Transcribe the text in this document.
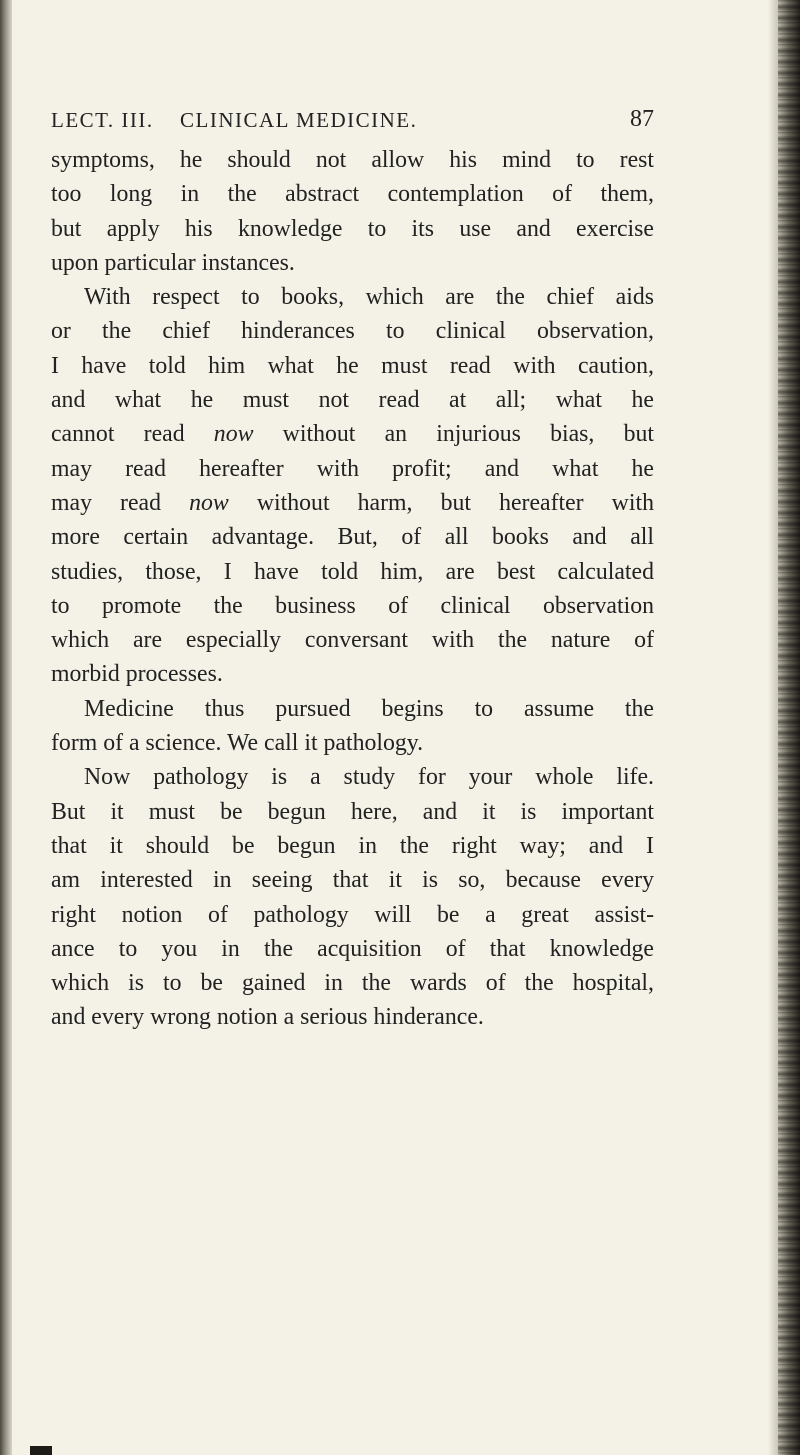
LECT. III. CLINICAL MEDICINE.	87
symptoms, he should not allow his mind to rest
too long in the abstract contemplation of them,
but apply his knowledge to its use and exercise
upon particular instances.
With respect to books, which are the chief aids
or the chief hinderances to clinical observation,
I have told him what he must read with caution,
and what he must not read at all; what he
cannot read now without an injurious bias, but
may read hereafter with profit; and what he
may read now without harm, but hereafter with
more certain advantage. But, of all books and all
studies, those, I have told him, are best calculated
to promote the business of clinical observation
which are especially conversant with the nature of
morbid processes.
Medicine thus pursued begins to assume the
form of a science. We call it pathology.
Now pathology is a study for your whole life.
But it must be begun here, and it is important
that it should be begun in the right way; and I
am interested in seeing that it is so, because every
right notion of pathology will be a great assist-
ance to you in the acquisition of that knowledge
which is to be gained in the wards of the hospital,
and every wrong notion a serious hinderance.
